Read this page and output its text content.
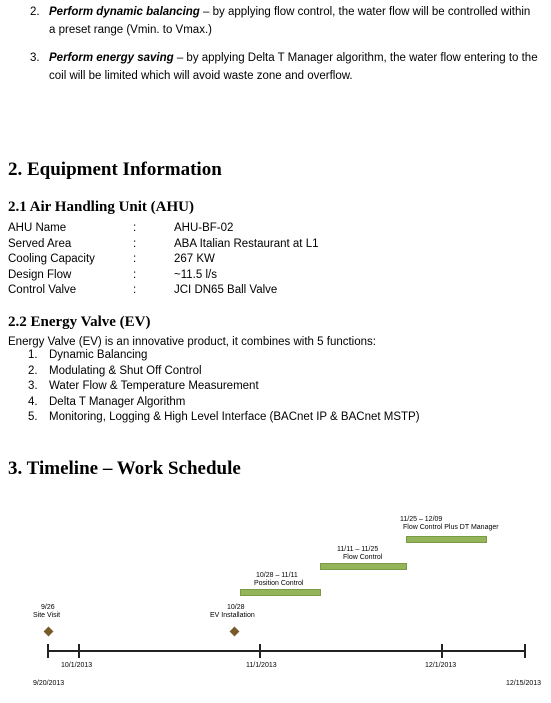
2. Perform dynamic balancing – by applying flow control, the water flow will be controlled within
a preset range (Vmin. to Vmax.)
3. Perform energy saving – by applying Delta T Manager algorithm, the water flow entering to the
coil will be limited which will avoid waste zone and overflow.
2. Equipment Information
2.1 Air Handling Unit (AHU)
AHU Name	:	AHU-BF-02
Served Area	:	ABA Italian Restaurant at L1
Cooling Capacity	:	267 KW
Design Flow	:	~11.5 l/s
Control Valve	:	JCI DN65 Ball Valve
2.2 Energy Valve (EV)
Energy Valve (EV) is an innovative product, it combines with 5 functions:
1. Dynamic Balancing
2. Modulating & Shut Off Control
3. Water Flow & Temperature Measurement
4. Delta T Manager Algorithm
5. Monitoring, Logging & High Level Interface (BACnet IP & BACnet MSTP)
3. Timeline – Work Schedule
11/25 – 12/09
Flow Control Plus DT Manager
11/11 – 11/25
Flow Control
10/28 – 11/11
Position Control
9/26
Site Visit
10/28
EV Installation
10/1/2013	11/1/2013	12/1/2013
9/20/2013	12/15/2013
